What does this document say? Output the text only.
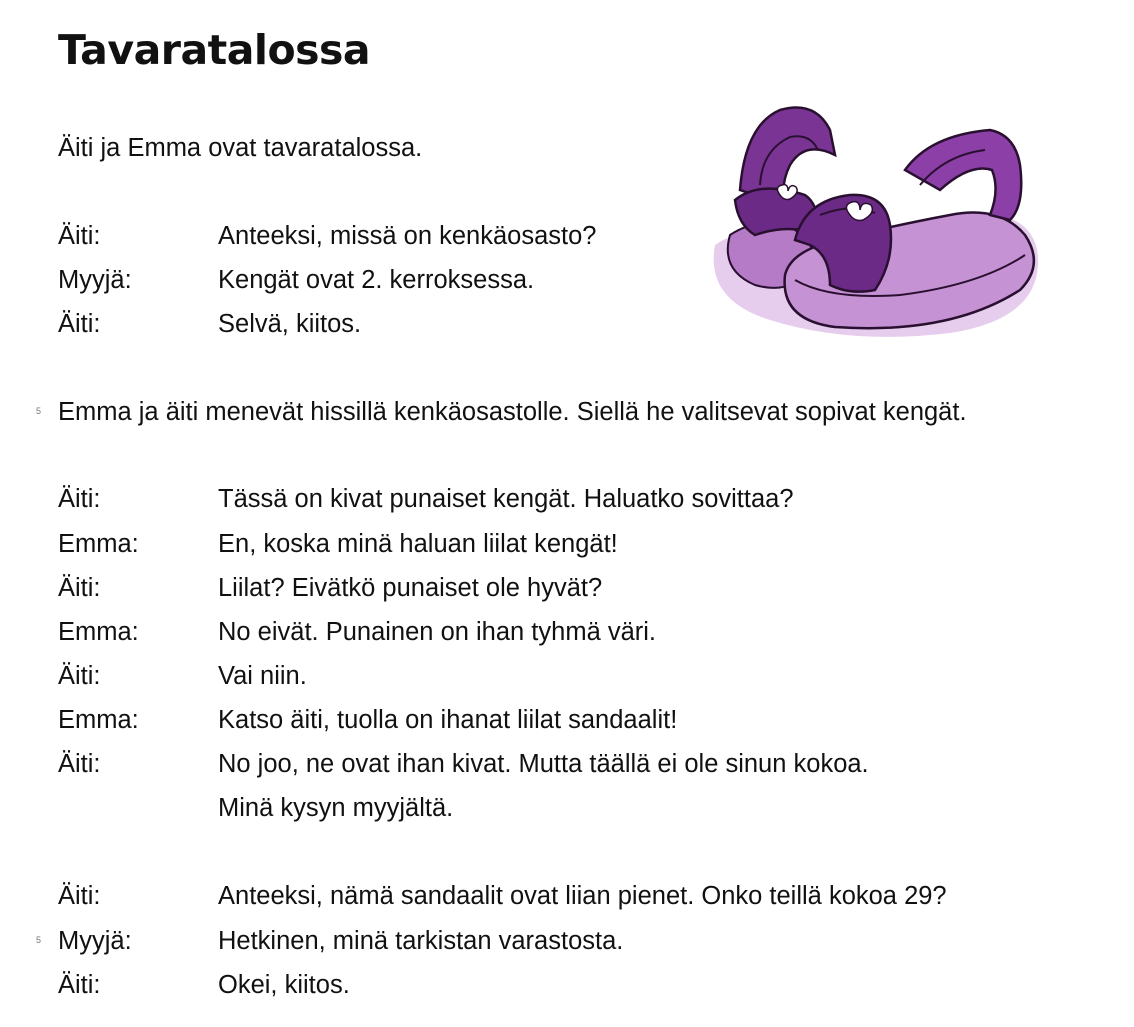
Tavaratalossa
Äiti ja Emma ovat tavaratalossa.
Äiti:	Anteeksi, missä on kenkäosasto?
Myyjä:	Kengät ovat 2. kerroksessa.
Äiti:	Selvä, kiitos.
5 Emma ja äiti menevät hissillä kenkäosastolle. Siellä he valitsevat sopivat kengät.
Äiti:	Tässä on kivat punaiset kengät. Haluatko sovittaa?
Emma:	En, koska minä haluan liilat kengät!
Äiti:	Liilat? Eivätkö punaiset ole hyvät?
Emma:	No eivät. Punainen on ihan tyhmä väri.
Äiti:	Vai niin.
Emma:	Katso äiti, tuolla on ihanat liilat sandaalit!
Äiti:	No joo, ne ovat ihan kivat. Mutta täällä ei ole sinun kokoa.
Minä kysyn myyjältä.
Äiti:	Anteeksi, nämä sandaalit ovat liian pienet. Onko teillä kokoa 29?
5 Myyjä:	Hetkinen, minä tarkistan varastosta.
Äiti:	Okei, kiitos.
